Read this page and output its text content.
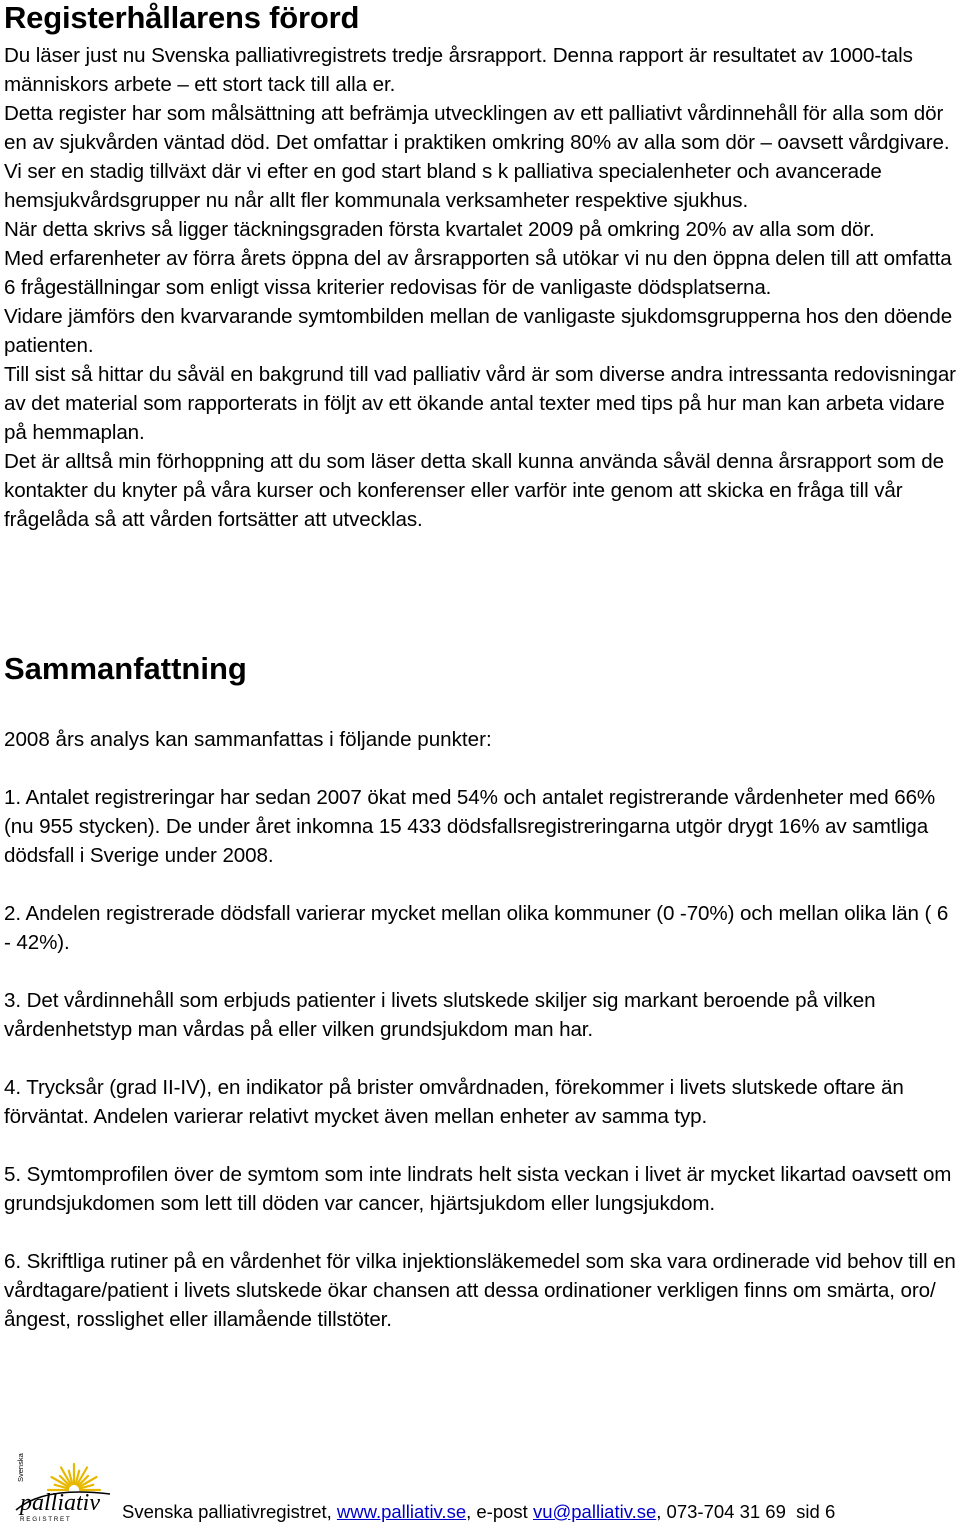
Registerhållarens förord

Du läser just nu Svenska palliativregistrets tredje årsrapport. Denna rapport är resultatet av 1000-tals människors arbete – ett stort tack till alla er.

Detta register har som målsättning att befrämja utvecklingen av ett palliativt vårdinnehåll för alla som dör en av sjukvården väntad död. Det omfattar i praktiken omkring 80% av alla som dör – oavsett vårdgivare. Vi ser en stadig tillväxt där vi efter en god start bland s k palliativa specialenheter och avancerade hemsjukvårdsgrupper nu når allt fler kommunala verksamheter respektive sjukhus.

När detta skrivs så ligger täckningsgraden första kvartalet 2009 på omkring 20% av alla som dör.

Med erfarenheter av förra årets öppna del av årsrapporten så utökar vi nu den öppna delen till att omfatta 6 frågeställningar som enligt vissa kriterier redovisas för de vanligaste dödsplatserna.

Vidare jämförs den kvarvarande symtombilden mellan de vanligaste sjukdomsgrupperna hos den döende patienten.

Till sist så hittar du såväl en bakgrund till vad palliativ vård är som diverse andra intressanta redovisningar av det material som rapporterats in följt av ett ökande antal texter med tips på hur man kan arbeta vidare på hemmaplan.

Det är alltså min förhoppning att du som läser detta skall kunna använda såväl denna årsrapport som de kontakter du knyter på våra kurser och konferenser eller varför inte genom att skicka en fråga till vår frågelåda så att vården fortsätter att utvecklas.

Sammanfattning

2008 års analys kan sammanfattas i följande punkter:

1. Antalet registreringar har sedan 2007 ökat med 54% och antalet registrerande vårdenheter med 66% (nu 955 stycken). De under året inkomna 15 433 dödsfallsregistreringarna utgör drygt 16% av samtliga dödsfall i Sverige under 2008.
2. Andelen registrerade dödsfall varierar mycket mellan olika kommuner (0 -70%) och mellan olika län ( 6 - 42%).
3. Det vårdinnehåll som erbjuds patienter i livets slutskede skiljer sig markant beroende på vilken vårdenhetstyp man vårdas på eller vilken grundsjukdom man har.
4. Trycksår (grad II-IV), en indikator på brister omvårdnaden, förekommer i livets slutskede oftare än förväntat. Andelen varierar relativt mycket även mellan enheter av samma typ.
5. Symtomprofilen över de symtom som inte lindrats helt sista veckan i livet är mycket likartad oavsett om grundsjukdomen som lett till döden var cancer, hjärtsjukdom eller lungsjukdom.
6. Skriftliga rutiner på en vårdenhet för vilka injektionsläkemedel som ska vara ordinerade vid behov till en vårdtagare/patient i livets slutskede ökar chansen att dessa ordinationer verkligen finns om smärta, oro/ångest, rosslighet eller illamående tillstöter.
Svenska
palliativ
R E G I S T R E T	Svenska palliativregistret, www.palliativ.se, e-post vu@palliativ.se, 073-704 31 69  sid 6
